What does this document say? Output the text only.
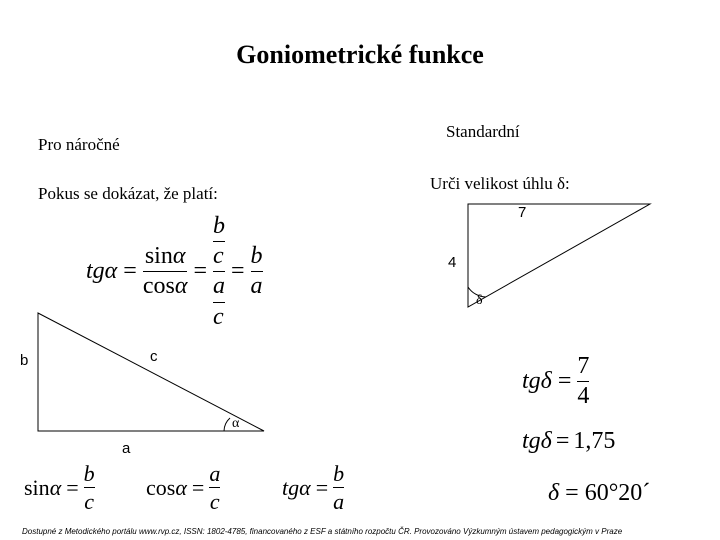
Goniometrické funkce
Pro náročné
Standardní
Pokus se dokázat, že platí:
Urči velikost úhlu δ:
tg $\alpha = \frac{\sin\alpha}{\cos\alpha} = \frac{\frac{b}{c}}{\frac{a}{c}} = \frac{b}{a}$
b	c
a
α
7
4
δ
tg $\delta = \frac{7}{4}$
tg δ = 1,75
δ = 60°20´
$\sin \alpha = \frac{b}{c}$ $\cos \alpha = \frac{a}{c}$	tg $\alpha = \frac{b}{a}$
Dostupné z Metodického portálu www.rvp.cz, ISSN: 1802-4785, financovaného z ESF a státního rozpočtu ČR. Provozováno Výzkumným ústavem pedagogickým v Praze
